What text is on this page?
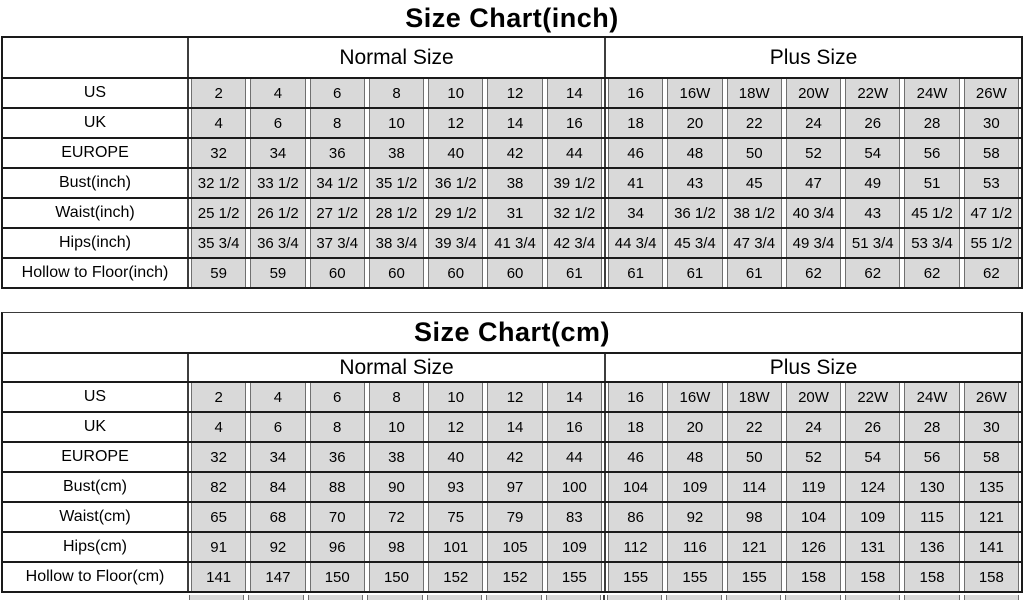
Size Chart(inch)
Normal Size	Plus Size
US	2	4	6	8	10	12	14	16	16W	18W	20W	22W	24W	26W
UK	4	6	8	10	12	14	16	18	20	22	24	26	28	30
EUROPE	32	34	36	38	40	42	44	46	48	50	52	54	56	58
Bust(inch)	32 1/2	33 1/2	34 1/2	35 1/2	36 1/2	38	39 1/2	41	43	45	47	49	51	53
Waist(inch)	25 1/2	26 1/2	27 1/2	28 1/2	29 1/2	31	32 1/2	34	36 1/2	38 1/2	40 3/4	43	45 1/2	47 1/2
Hips(inch)	35 3/4	36 3/4	37 3/4	38 3/4	39 3/4	41 3/4	42 3/4	44 3/4	45 3/4	47 3/4	49 3/4	51 3/4	53 3/4	55 1/2
Hollow to Floor(inch)	59	59	60	60	60	60	61	61	61	61	62	62	62	62
Size Chart(cm)
Normal Size	Plus Size
US	2	4	6	8	10	12	14	16	16W	18W	20W	22W	24W	26W
UK	4	6	8	10	12	14	16	18	20	22	24	26	28	30
EUROPE	32	34	36	38	40	42	44	46	48	50	52	54	56	58
Bust(cm)	82	84	88	90	93	97	100	104	109	114	119	124	130	135
Waist(cm)	65	68	70	72	75	79	83	86	92	98	104	109	115	121
Hips(cm)	91	92	96	98	101	105	109	112	116	121	126	131	136	141
Hollow to Floor(cm)	141	147	150	150	152	152	155	155	155	155	158	158	158	158
